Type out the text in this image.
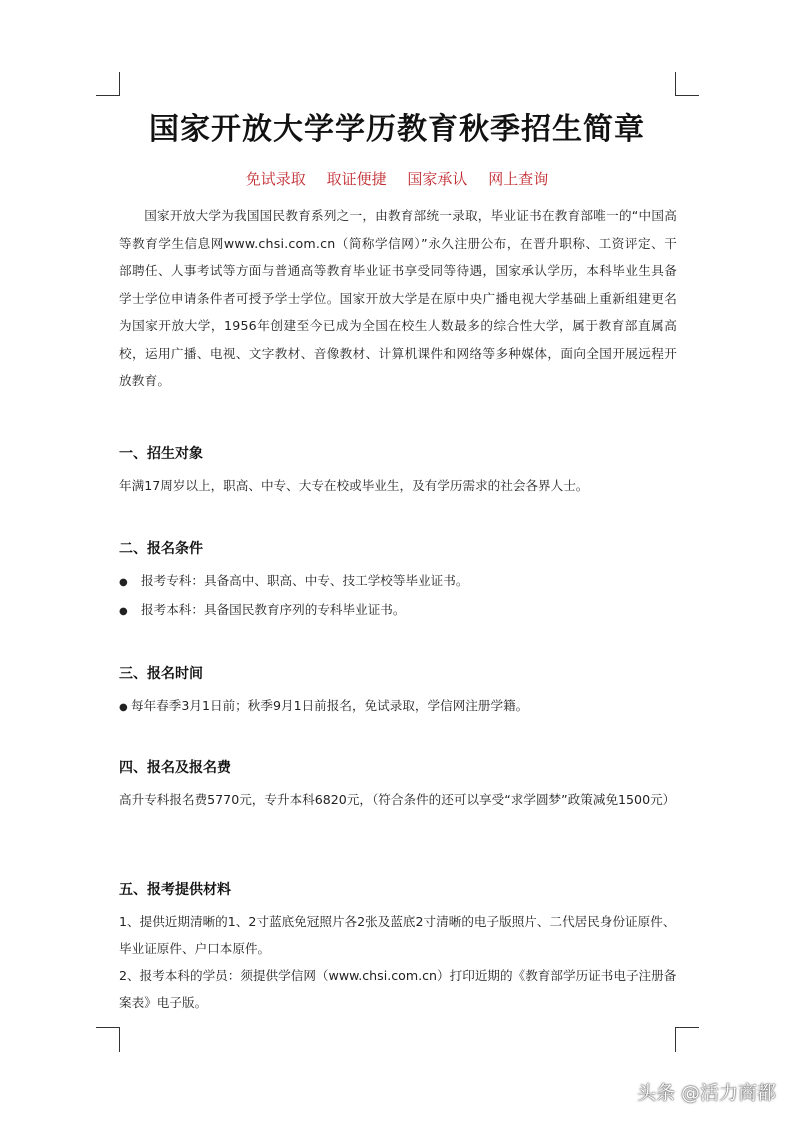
国家开放大学学历教育秋季招生简章
免试录取 取证便捷 国家承认 网上查询

国家开放大学为我国国民教育系列之一，由教育部统一录取，毕业证书在教育部唯一的“中国高等教育学生信息网www.chsi.com.cn（简称学信网）”永久注册公布，在晋升职称、工资评定、干部聘任、人事考试等方面与普通高等教育毕业证书享受同等待遇，国家承认学历，本科毕业生具备学士学位申请条件者可授予学士学位。国家开放大学是在原中央广播电视大学基础上重新组建更名为国家开放大学，1956年创建至今已成为全国在校生人数最多的综合性大学，属于教育部直属高校，运用广播、电视、文字教材、音像教材、计算机课件和网络等多种媒体，面向全国开展远程开放教育。

一、招生对象

年满17周岁以上，职高、中专、大专在校或毕业生，及有学历需求的社会各界人士。

二、报名条件
●	报考专科：具备高中、职高、中专、技工学校等毕业证书。
●	报考本科：具备国民教育序列的专科毕业证书。
三、报名时间
● 每年春季3月1日前；秋季9月1日前报名，免试录取，学信网注册学籍。
四、报名及报名费

高升专科报名费5770元，专升本科6820元，（符合条件的还可以享受“求学圆梦”政策减免1500元）

五、报考提供材料

1、提供近期清晰的1、2寸蓝底免冠照片各2张及蓝底2寸清晰的电子版照片、二代居民身份证原件、毕业证原件、户口本原件。

2、报考本科的学员：须提供学信网（www.chsi.com.cn）打印近期的《教育部学历证书电子注册备案表》电子版。

头条 @活力商都
